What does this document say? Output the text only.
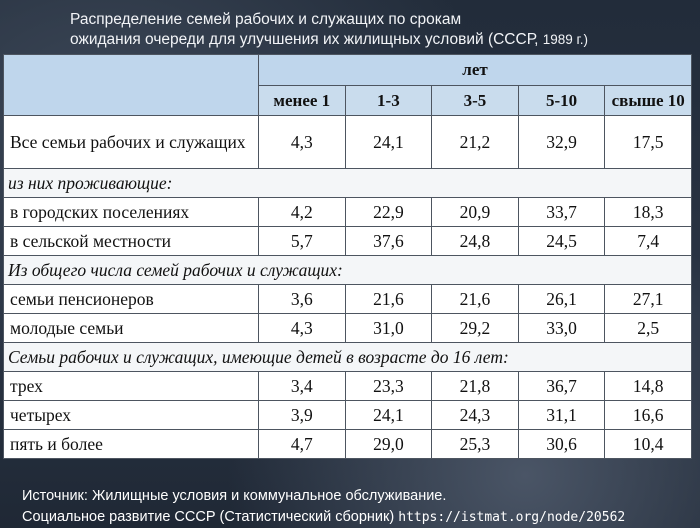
Распределение семей рабочих и служащих по срокам
ожидания очереди для улучшения их жилищных условий (СССР, 1989 г.)
	лет				
	менее 1	1-3	3-5	5-10	свыше 10
Все семьи рабочих и служащих	4,3	24,1	21,2	32,9	17,5
из них проживающие:					
в городских поселениях	4,2	22,9	20,9	33,7	18,3
в сельской местности	5,7	37,6	24,8	24,5	7,4
Из общего числа семей рабочих и служащих:					
семьи пенсионеров	3,6	21,6	21,6	26,1	27,1
молодые семьи	4,3	31,0	29,2	33,0	2,5
Семьи рабочих и служащих, имеющие детей в возрасте до 16 лет:					
трех	3,4	23,3	21,8	36,7	14,8
четырех	3,9	24,1	24,3	31,1	16,6
пять и более	4,7	29,0	25,3	30,6	10,4
Источник: Жилищные условия и коммунальное обслуживание.
Социальное развитие СССР (Статистический сборник) https://istmat.org/node/20562
